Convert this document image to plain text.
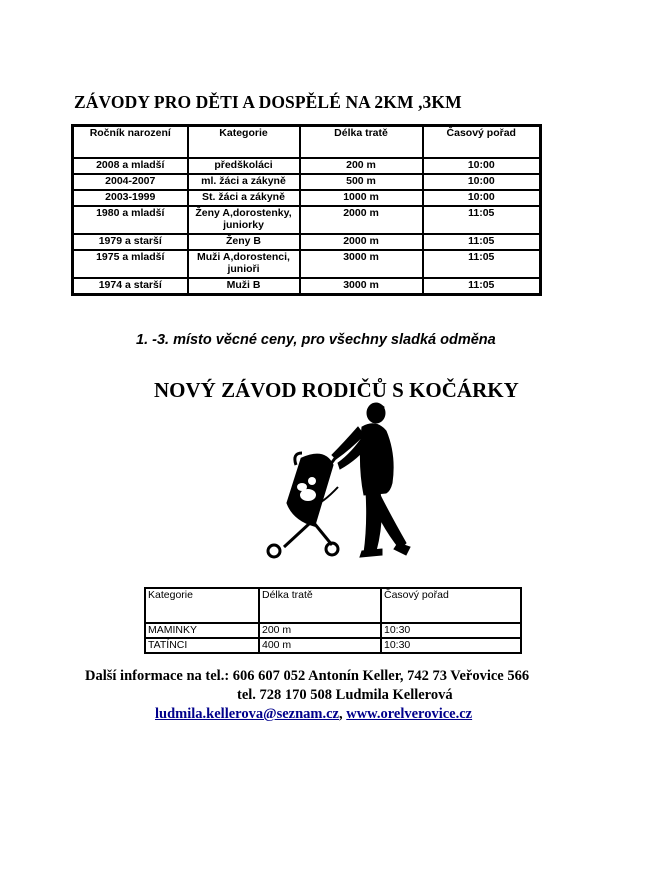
ZÁVODY PRO DĚTI A DOSPĚLÉ NA 2KM ,3KM
Ročník narození	Kategorie	Délka tratě	Časový pořad
2008 a mladší	předškoláci	200 m	10:00
2004-2007	ml. žáci a zákyně	500 m	10:00
2003-1999	St. žáci a zákyně	1000 m	10:00
1980 a mladší	Ženy A,dorostenky, juniorky	2000 m	11:05
1979 a starší	Ženy B	2000 m	11:05
1975 a mladší	Muži A,dorostenci, junioři	3000 m	11:05
1974 a starší	Muži B	3000 m	11:05
1. -3. místo věcné ceny, pro všechny sladká odměna
NOVÝ ZÁVOD RODIČŮ S KOČÁRKY
Kategorie	Délka tratě	Časový pořad
MAMINKY	200 m	10:30
TATÍNCI	400 m	10:30
Další informace na tel.: 606 607 052 Antonín Keller, 742 73 Veřovice 566
tel. 728 170 508 Ludmila Kellerová
ludmila.kellerova@seznam.cz, www.orelverovice.cz
